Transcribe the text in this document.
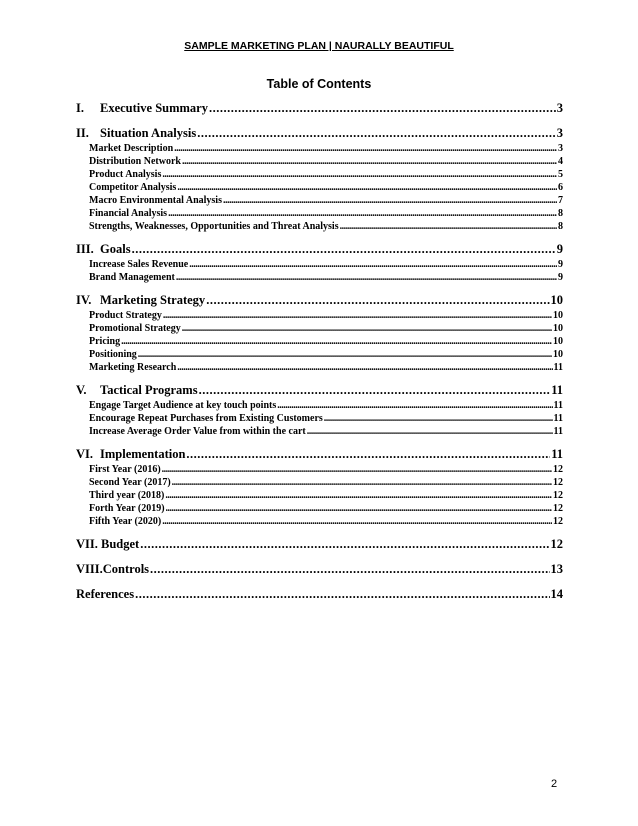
SAMPLE MARKETING PLAN | NAURALLY BEAUTIFUL
Table of Contents
I.	Executive Summary .....	3
II. Situation Analysis .....	3
Market Description .....	3
Distribution Network .....	4
Product Analysis .....	5
Competitor Analysis .....	6
Macro Environmental Analysis .....	7
Financial Analysis .....	8
Strengths, Weaknesses, Opportunities and Threat Analysis .....	8
III. Goals .....	9
Increase Sales Revenue .....	9
Brand Management .....	9
IV. Marketing Strategy .....	10
Product Strategy .....	10
Promotional Strategy .....	10
Pricing .....	10
Positioning .....	10
Marketing Research .....	11
V.	Tactical Programs .....	11
Engage Target Audience at key touch points .....	11
Encourage Repeat Purchases from Existing Customers .....	11
Increase Average Order Value from within the cart .....	11
VI. Implementation .....	11
First Year (2016) .....	12
Second Year (2017) .....	12
Third year (2018) .....	12
Forth Year (2019) .....	12
Fifth Year (2020) .....	12
VII. Budget .....	12
VIII.Controls .....	13
References .....	14
2
